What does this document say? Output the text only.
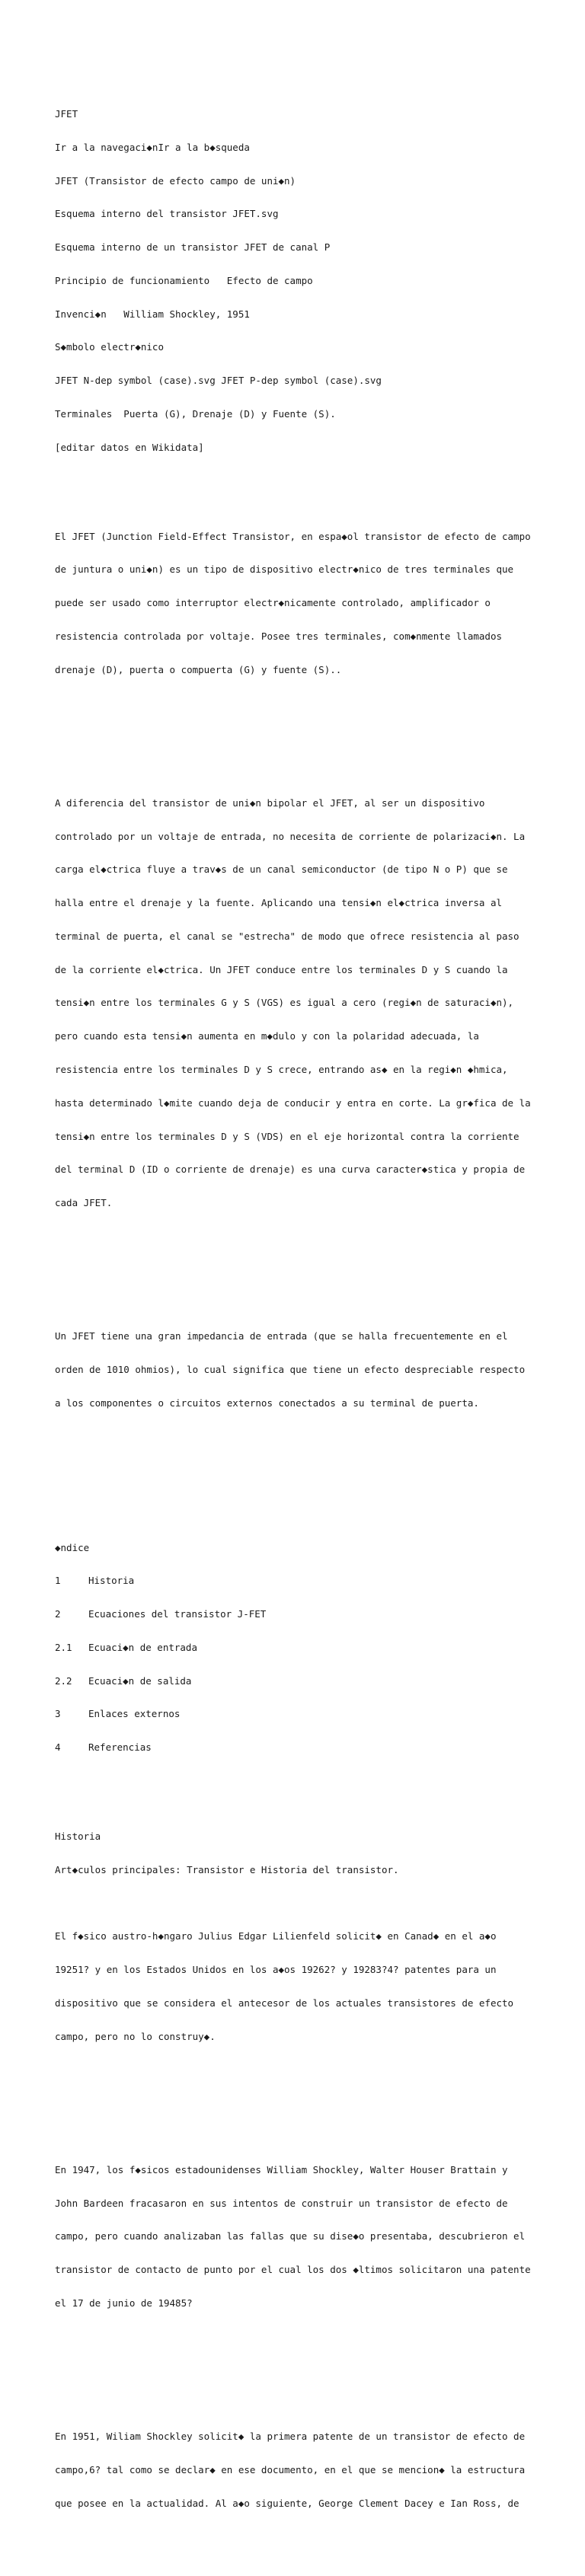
JFET

Ir a la navegaci◆nIr a la b◆squeda

JFET (Transistor de efecto campo de uni◆n)

Esquema interno del transistor JFET.svg

Esquema interno de un transistor JFET de canal P

Principio de funcionamiento   Efecto de campo

Invenci◆n   William Shockley, 1951

S◆mbolo electr◆nico

JFET N-dep symbol (case).svg JFET P-dep symbol (case).svg

Terminales  Puerta (G), Drenaje (D) y Fuente (S).

[editar datos en Wikidata]

El JFET (Junction Field-Effect Transistor, en espa◆ol transistor de efecto de campo

de juntura o uni◆n) es un tipo de dispositivo electr◆nico de tres terminales que

puede ser usado como interruptor electr◆nicamente controlado, amplificador o

resistencia controlada por voltaje. Posee tres terminales, com◆nmente llamados

drenaje (D), puerta o compuerta (G) y fuente (S)..

A diferencia del transistor de uni◆n bipolar el JFET, al ser un dispositivo

controlado por un voltaje de entrada, no necesita de corriente de polarizaci◆n. La

carga el◆ctrica fluye a trav◆s de un canal semiconductor (de tipo N o P) que se

halla entre el drenaje y la fuente. Aplicando una tensi◆n el◆ctrica inversa al

terminal de puerta, el canal se "estrecha" de modo que ofrece resistencia al paso

de la corriente el◆ctrica. Un JFET conduce entre los terminales D y S cuando la

tensi◆n entre los terminales G y S (VGS) es igual a cero (regi◆n de saturaci◆n),

pero cuando esta tensi◆n aumenta en m◆dulo y con la polaridad adecuada, la

resistencia entre los terminales D y S crece, entrando as◆ en la regi◆n ◆hmica,

hasta determinado l◆mite cuando deja de conducir y entra en corte. La gr◆fica de la

tensi◆n entre los terminales D y S (VDS) en el eje horizontal contra la corriente

del terminal D (ID o corriente de drenaje) es una curva caracter◆stica y propia de

cada JFET.

Un JFET tiene una gran impedancia de entrada (que se halla frecuentemente en el

orden de 1010 ohmios), lo cual significa que tiene un efecto despreciable respecto

a los componentes o circuitos externos conectados a su terminal de puerta.

◆ndice

1	Historia

2	Ecuaciones del transistor J-FET

2.1 Ecuaci◆n de entrada

2.2 Ecuaci◆n de salida

3	Enlaces externos

4	Referencias

Historia

Art◆culos principales: Transistor e Historia del transistor.

El f◆sico austro-h◆ngaro Julius Edgar Lilienfeld solicit◆ en Canad◆ en el a◆o

19251? y en los Estados Unidos en los a◆os 19262? y 19283?4? patentes para un

dispositivo que se considera el antecesor de los actuales transistores de efecto

campo, pero no lo construy◆.

En 1947, los f◆sicos estadounidenses William Shockley, Walter Houser Brattain y

John Bardeen fracasaron en sus intentos de construir un transistor de efecto de

campo, pero cuando analizaban las fallas que su dise◆o presentaba, descubrieron el

transistor de contacto de punto por el cual los dos ◆ltimos solicitaron una patente

el 17 de junio de 19485?

En 1951, Wiliam Shockley solicit◆ la primera patente de un transistor de efecto de

campo,6? tal como se declar◆ en ese documento, en el que se mencion◆ la estructura

que posee en la actualidad. Al a◆o siguiente, George Clement Dacey e Ian Ross, de
